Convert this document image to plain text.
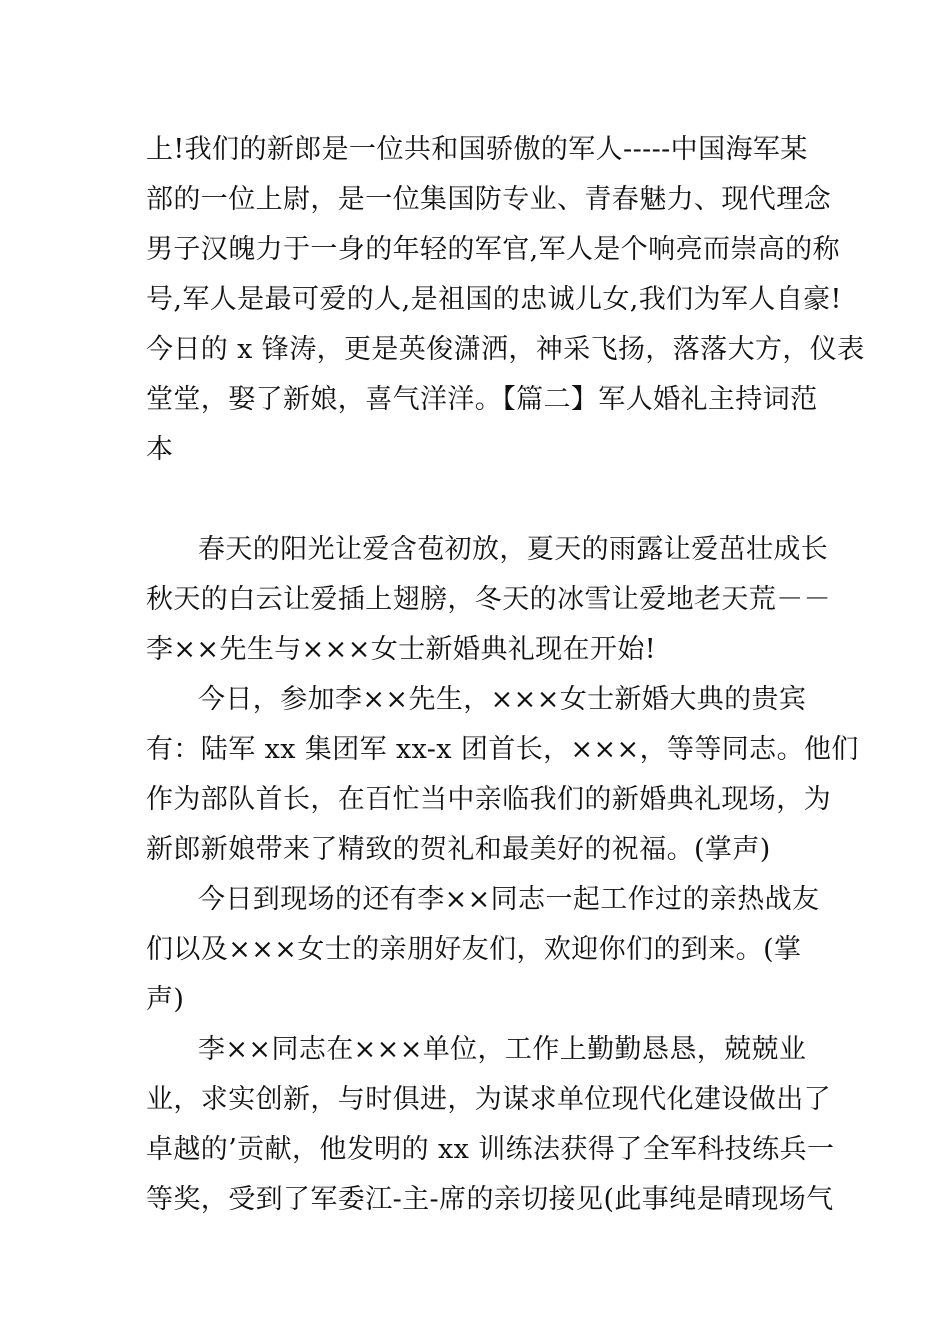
上!我们的新郎是一位共和国骄傲的军人-----中国海军某
部的一位上尉，是一位集国防专业、青春魅力、现代理念
男子汉魄力于一身的年轻的军官,军人是个响亮而崇高的称
号,军人是最可爱的人,是祖国的忠诚儿女,我们为军人自豪!
今日的 x 锋涛，更是英俊潇洒，神采飞扬，落落大方，仪表
堂堂，娶了新娘，喜气洋洋。【篇二】军人婚礼主持词范
本
春天的阳光让爱含苞初放，夏天的雨露让爱茁壮成长
秋天的白云让爱插上翅膀，冬天的冰雪让爱地老天荒－－
李××先生与×××女士新婚典礼现在开始!
今日，参加李××先生，×××女士新婚大典的贵宾
有：陆军 xx 集团军 xx-x 团首长，×××，等等同志。他们
作为部队首长，在百忙当中亲临我们的新婚典礼现场，为
新郎新娘带来了精致的贺礼和最美好的祝福。(掌声)
今日到现场的还有李××同志一起工作过的亲热战友
们以及×××女士的亲朋好友们，欢迎你们的到来。(掌
声)
李××同志在×××单位，工作上勤勤恳恳，兢兢业
业，求实创新，与时俱进，为谋求单位现代化建设做出了
卓越的’贡献，他发明的 xx 训练法获得了全军科技练兵一
等奖，受到了军委江-主-席的亲切接见(此事纯是晴现场气
